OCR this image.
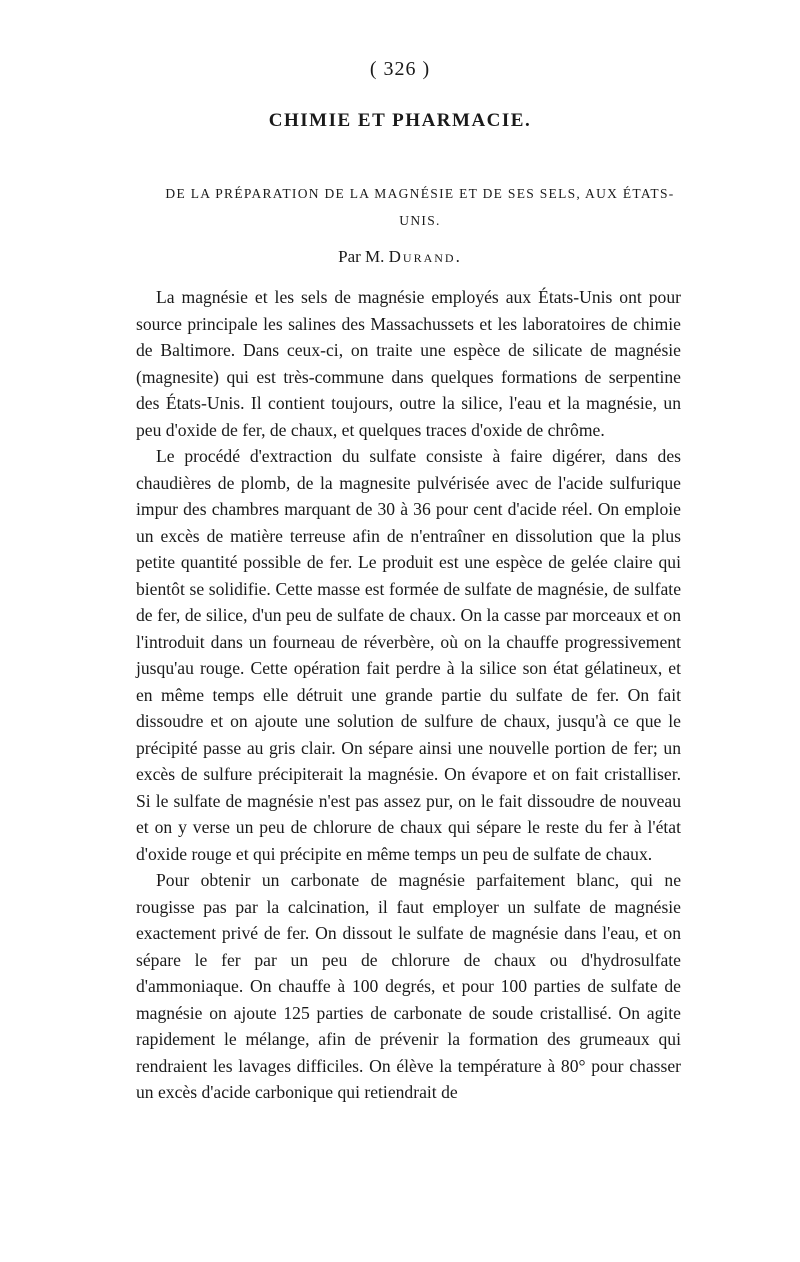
( 326 )
CHIMIE ET PHARMACIE.
DE LA PRÉPARATION DE LA MAGNÉSIE ET DE SES SELS, AUX ÉTATS-UNIS.
Par M. Durand.

La magnésie et les sels de magnésie employés aux États-Unis ont pour source principale les salines des Massachussets et les laboratoires de chimie de Baltimore. Dans ceux-ci, on traite une espèce de silicate de magnésie (magnesite) qui est très-commune dans quelques formations de serpentine des États-Unis. Il contient toujours, outre la silice, l'eau et la magnésie, un peu d'oxide de fer, de chaux, et quelques traces d'oxide de chrôme.

Le procédé d'extraction du sulfate consiste à faire digérer, dans des chaudières de plomb, de la magnesite pulvérisée avec de l'acide sulfurique impur des chambres marquant de 30 à 36 pour cent d'acide réel. On emploie un excès de matière terreuse afin de n'entraîner en dissolution que la plus petite quantité possible de fer. Le produit est une espèce de gelée claire qui bientôt se solidifie. Cette masse est formée de sulfate de magnésie, de sulfate de fer, de silice, d'un peu de sulfate de chaux. On la casse par morceaux et on l'introduit dans un fourneau de réverbère, où on la chauffe progressivement jusqu'au rouge. Cette opération fait perdre à la silice son état gélatineux, et en même temps elle détruit une grande partie du sulfate de fer. On fait dissoudre et on ajoute une solution de sulfure de chaux, jusqu'à ce que le précipité passe au gris clair. On sépare ainsi une nouvelle portion de fer; un excès de sulfure précipiterait la magnésie. On évapore et on fait cristalliser. Si le sulfate de magnésie n'est pas assez pur, on le fait dissoudre de nouveau et on y verse un peu de chlorure de chaux qui sépare le reste du fer à l'état d'oxide rouge et qui précipite en même temps un peu de sulfate de chaux.

Pour obtenir un carbonate de magnésie parfaitement blanc, qui ne rougisse pas par la calcination, il faut employer un sulfate de magnésie exactement privé de fer. On dissout le sulfate de magnésie dans l'eau, et on sépare le fer par un peu de chlorure de chaux ou d'hydrosulfate d'ammoniaque. On chauffe à 100 degrés, et pour 100 parties de sulfate de magnésie on ajoute 125 parties de carbonate de soude cristallisé. On agite rapidement le mélange, afin de prévenir la formation des grumeaux qui rendraient les lavages difficiles. On élève la température à 80° pour chasser un excès d'acide carbonique qui retiendrait de
